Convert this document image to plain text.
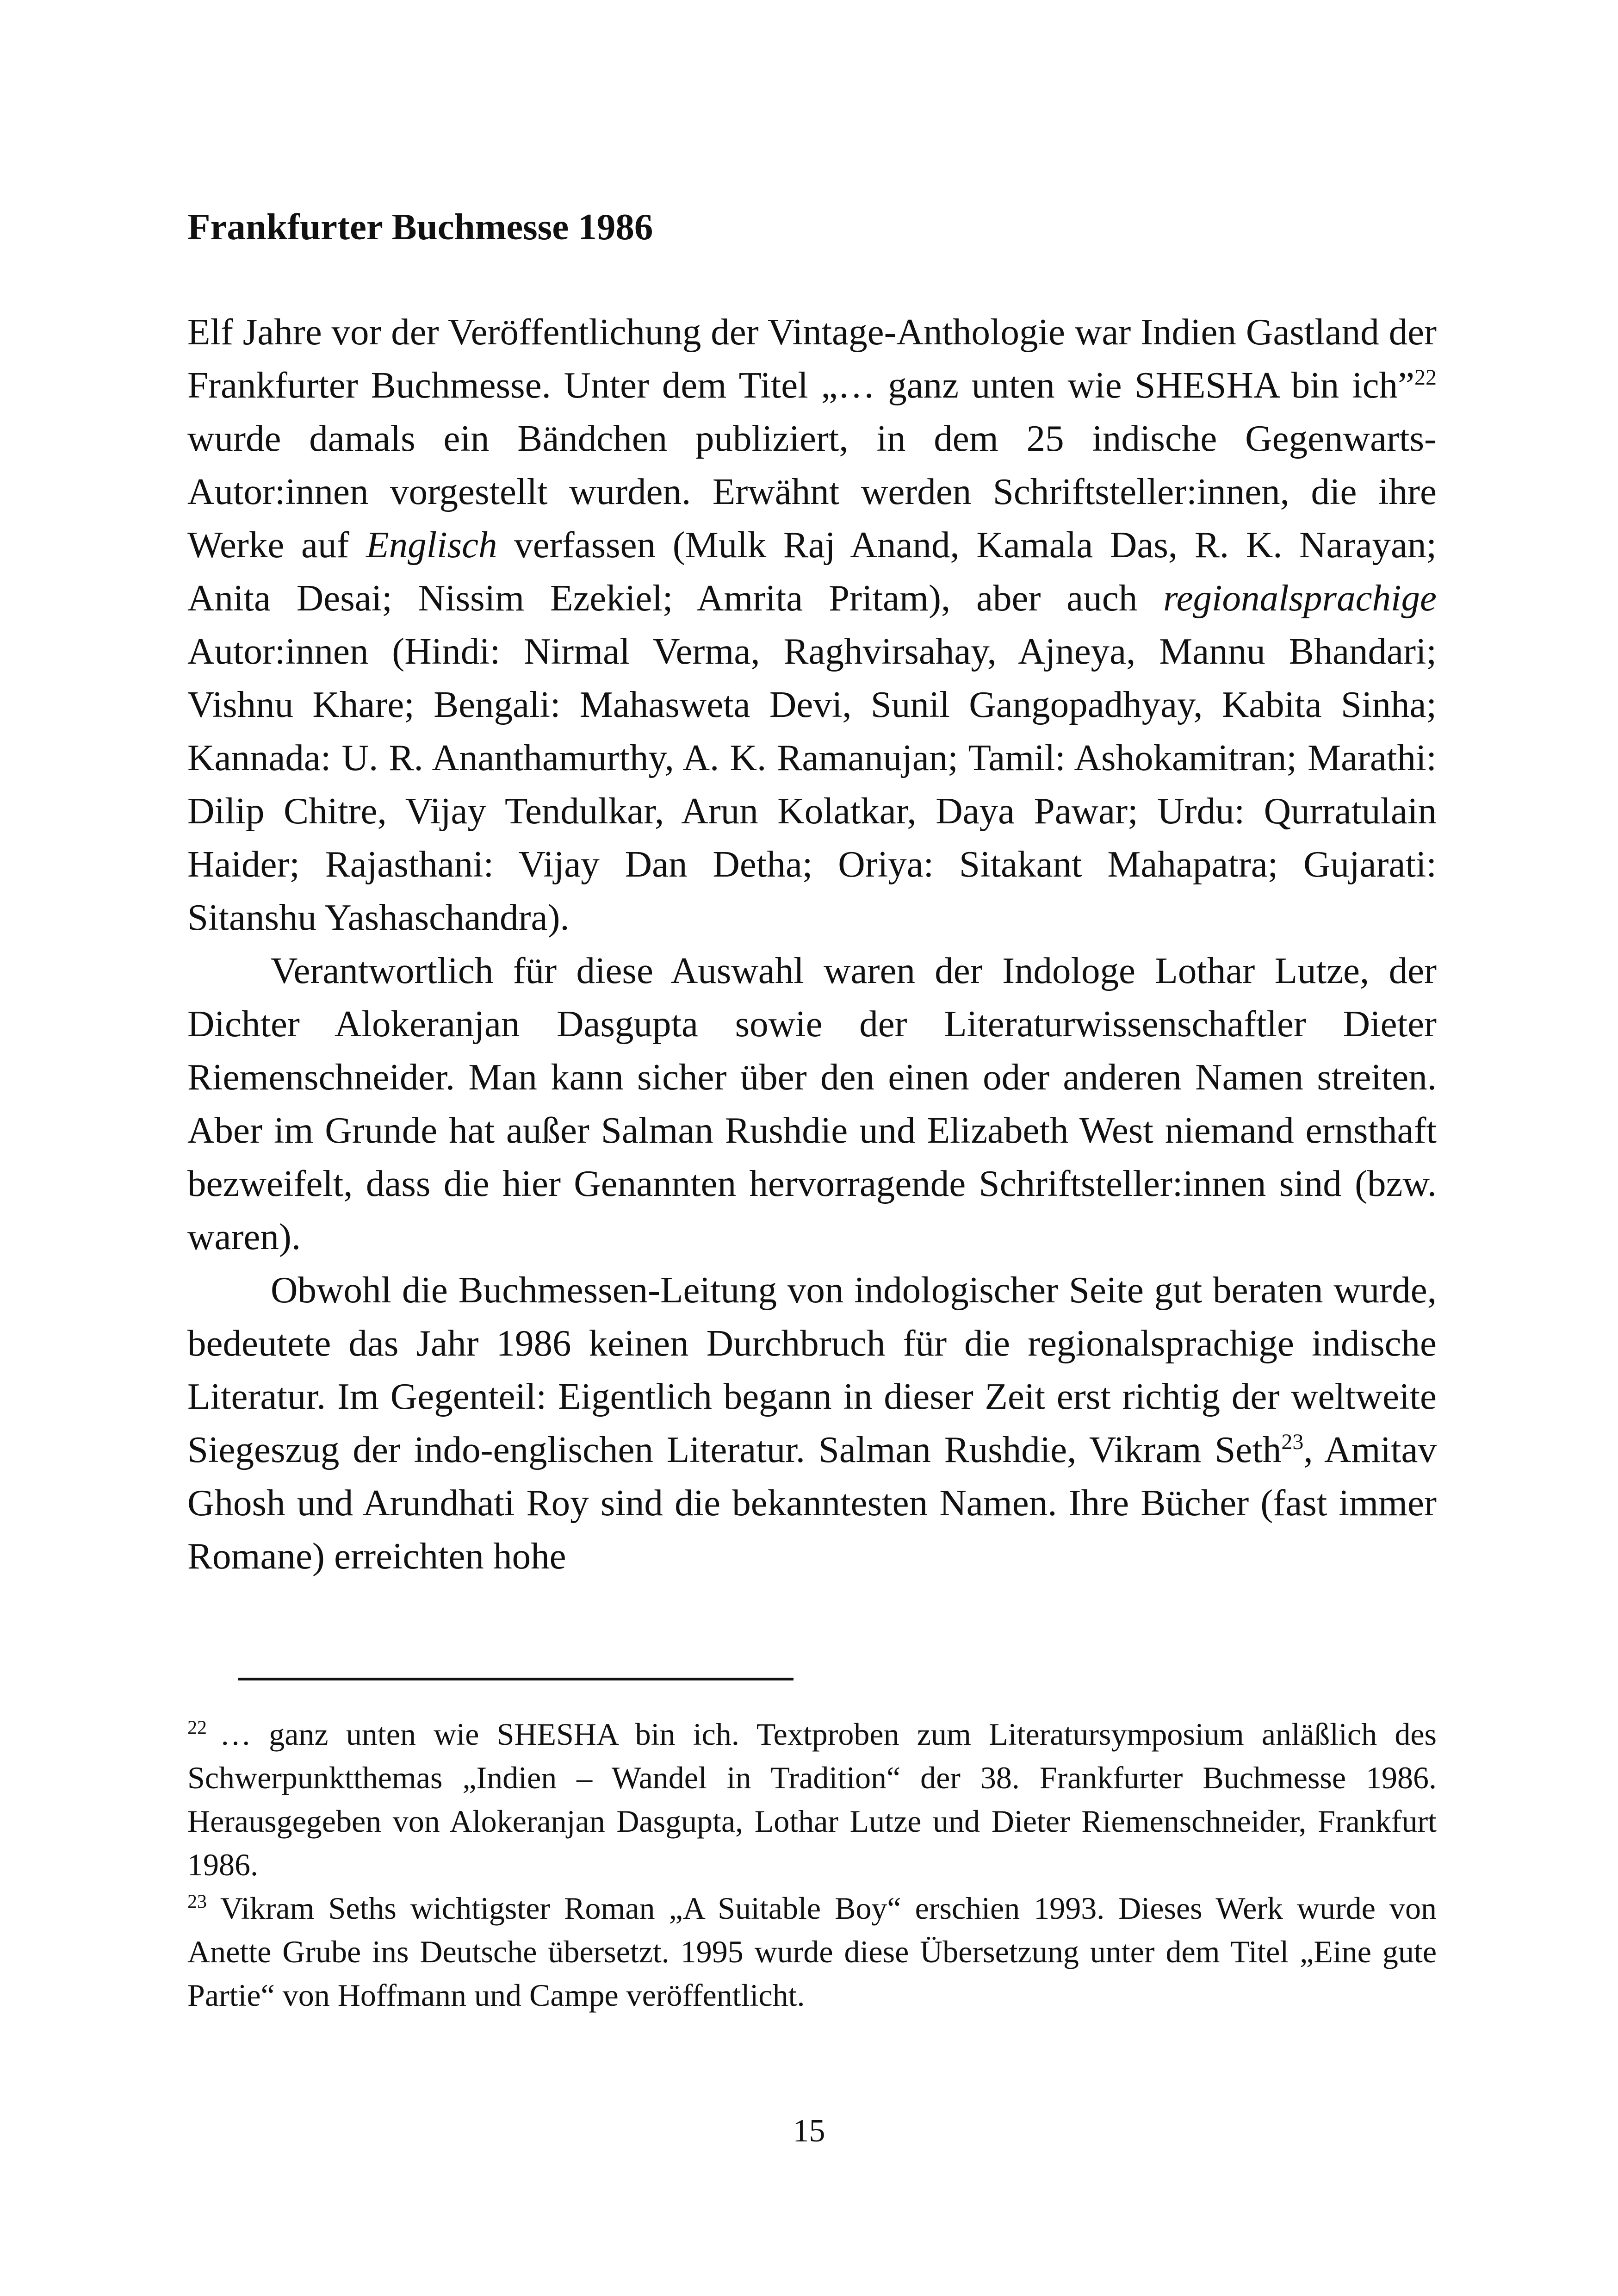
Frankfurter Buchmesse 1986

Elf Jahre vor der Veröffentlichung der Vintage-Anthologie war Indien Gastland der Frankfurter Buchmesse. Unter dem Titel „… ganz unten wie SHESHA bin ich”$^{22}$ wurde damals ein Bändchen publiziert, in dem 25 indische Gegenwarts-Autor:innen vorgestellt wurden. Erwähnt werden Schriftsteller:innen, die ihre Werke auf Englisch verfassen (Mulk Raj Anand, Kamala Das, R. K. Narayan; Anita Desai; Nissim Ezekiel; Amrita Pritam), aber auch regionalsprachige Autor:innen (Hindi: Nirmal Verma, Raghvirsahay, Ajneya, Mannu Bhandari; Vishnu Khare; Bengali: Mahasweta Devi, Sunil Gangopadhyay, Kabita Sinha; Kannada: U. R. Ananthamurthy, A. K. Ramanujan; Tamil: Ashokamitran; Marathi: Dilip Chitre, Vijay Tendulkar, Arun Kolatkar, Daya Pawar; Urdu: Qurratulain Haider; Rajasthani: Vijay Dan Detha; Oriya: Sitakant Mahapatra; Gujarati: Sitanshu Yashaschandra).

Verantwortlich für diese Auswahl waren der Indologe Lothar Lutze, der Dichter Alokeranjan Dasgupta sowie der Literaturwissenschaftler Dieter Riemenschneider. Man kann sicher über den einen oder anderen Namen streiten. Aber im Grunde hat außer Salman Rushdie und Elizabeth West niemand ernsthaft bezweifelt, dass die hier Genannten hervorragende Schriftsteller:innen sind (bzw. waren).

Obwohl die Buchmessen-Leitung von indologischer Seite gut beraten wurde, bedeutete das Jahr 1986 keinen Durchbruch für die regionalsprachige indische Literatur. Im Gegenteil: Eigentlich begann in dieser Zeit erst richtig der weltweite Siegeszug der indo-englischen Literatur. Salman Rushdie, Vikram Seth$^{23}$, Amitav Ghosh und Arundhati Roy sind die bekanntesten Namen. Ihre Bücher (fast immer Romane) erreichten hohe

$^{22}$ … ganz unten wie SHESHA bin ich. Textproben zum Literatursymposium anläßlich des Schwerpunktthemas „Indien – Wandel in Tradition“ der 38. Frankfurter Buchmesse 1986. Herausgegeben von Alokeranjan Dasgupta, Lothar Lutze und Dieter Riemenschneider, Frankfurt 1986.

$^{23}$ Vikram Seths wichtigster Roman „A Suitable Boy“ erschien 1993. Dieses Werk wurde von Anette Grube ins Deutsche übersetzt. 1995 wurde diese Übersetzung unter dem Titel „Eine gute Partie“ von Hoffmann und Campe veröffentlicht.

15
